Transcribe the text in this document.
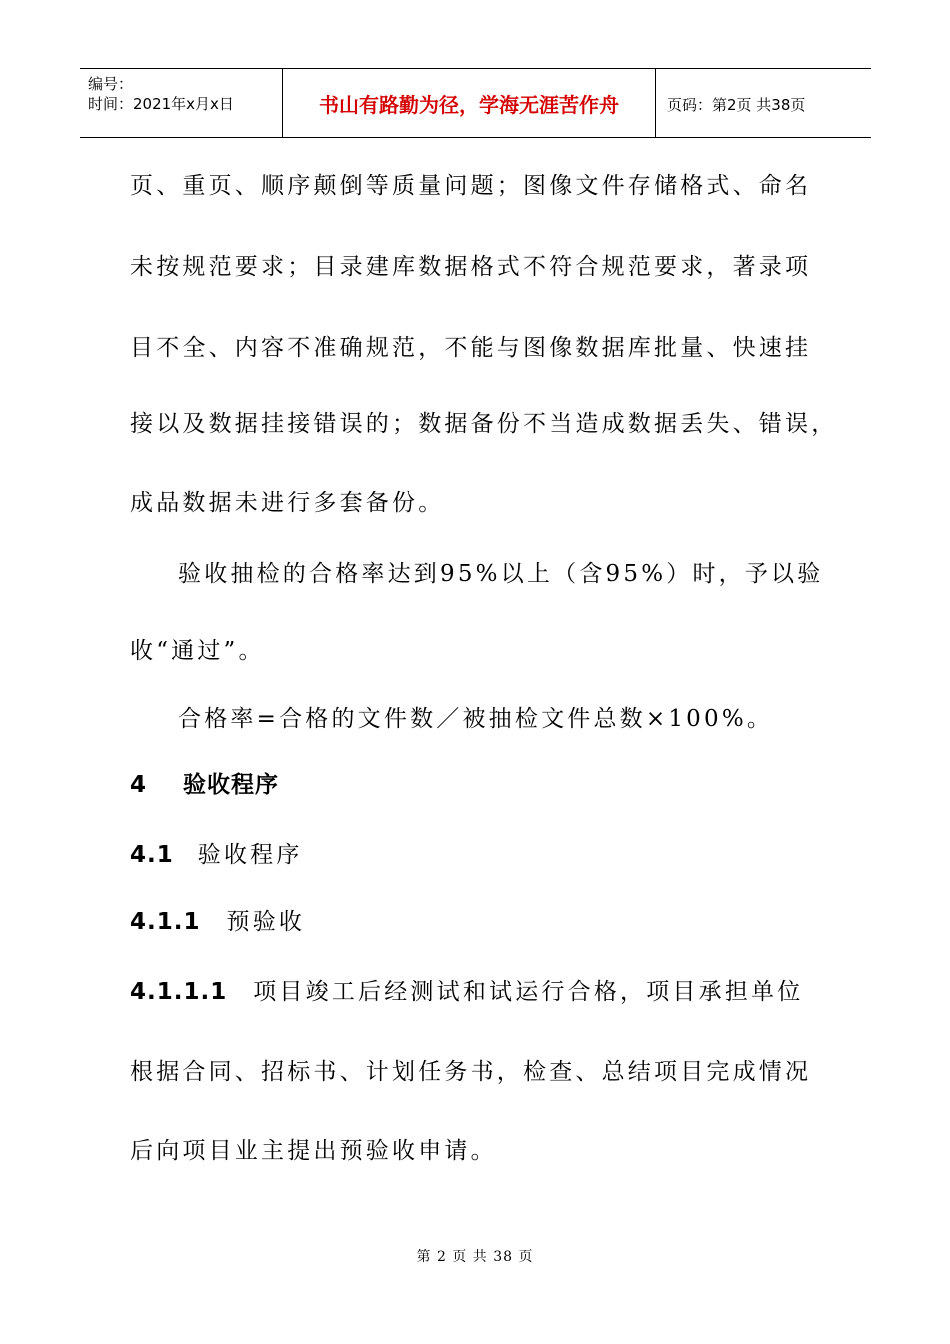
编号：
时间：2021年x月x日	书山有路勤为径，学海无涯苦作舟	页码：第2页 共38页
页、重页、顺序颠倒等质量问题；图像文件存储格式、命名
未按规范要求；目录建库数据格式不符合规范要求，著录项
目不全、内容不准确规范，不能与图像数据库批量、快速挂
接以及数据挂接错误的；数据备份不当造成数据丢失、错误，
成品数据未进行多套备份。
验收抽检的合格率达到95%以上（含95%）时，予以验
收“通过”。
合格率=合格的文件数／被抽检文件总数×100%。
4 验收程序
4.1 验收程序
4.1.1 预验收
4.1.1.1 项目竣工后经测试和试运行合格，项目承担单位
根据合同、招标书、计划任务书，检查、总结项目完成情况
后向项目业主提出预验收申请。
第 2 页 共 38 页
